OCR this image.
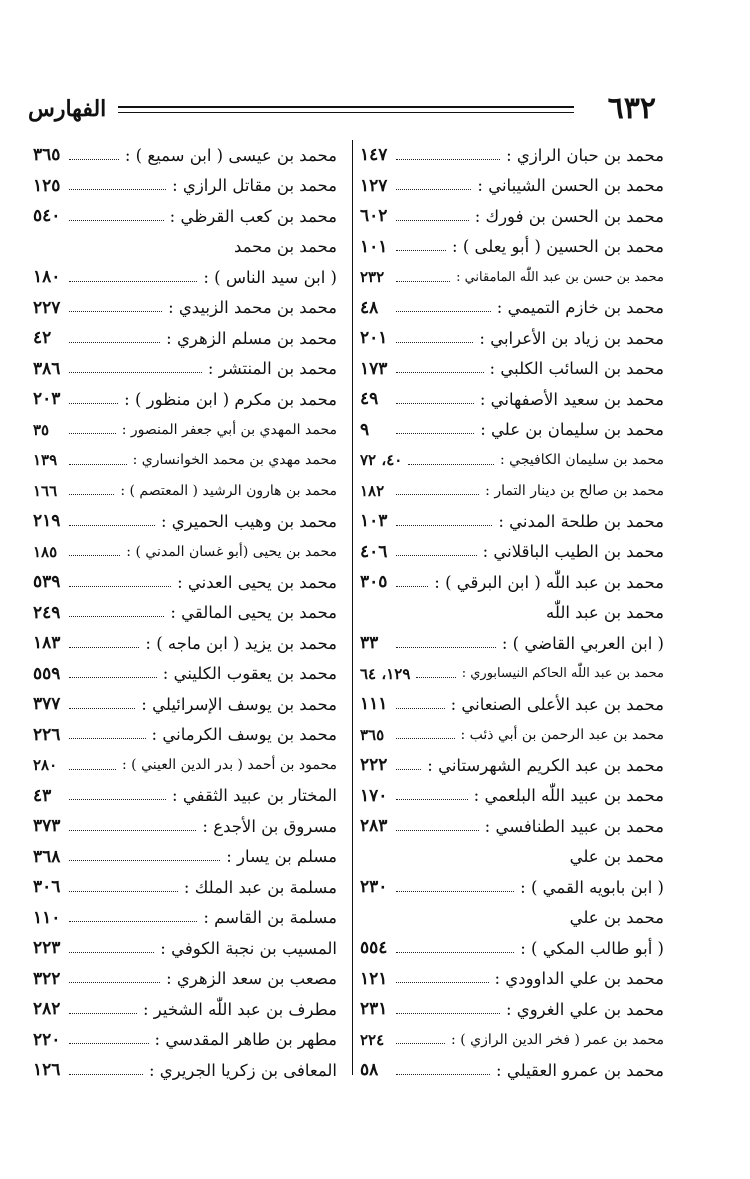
٦٣٢
الفهارس
محمد بن حبان الرازي :
١٤٧
محمد بن الحسن الشيباني :
١٢٧
محمد بن الحسن بن فورك :
٦٠٢
محمد بن الحسين ( أبو يعلى ) :
١٠١
محمد بن حسن بن عبد اللّٰه المامقاني :
٢٣٢
محمد بن خازم التميمي :
٤٨
محمد بن زياد بن الأعرابي :
٢٠١
محمد بن السائب الكلبي :
١٧٣
محمد بن سعيد الأصفهاني :
٤٩
محمد بن سليمان بن علي :
٩
محمد بن سليمان الكافيجي :
٤٠، ٧٢
محمد بن صالح بن دينار التمار :
١٨٢
محمد بن طلحة المدني :
١٠٣
محمد بن الطيب الباقلاني :
٤٠٦
محمد بن عبد اللّٰه ( ابن البرقي ) :
٣٠٥
محمد بن عبد اللّٰه
( ابن العربي القاضي ) :
٣٣
محمد بن عبد اللّٰه الحاكم النيسابوري :
١٢٩، ٦٤
محمد بن عبد الأعلى الصنعاني :
١١١
محمد بن عبد الرحمن بن أبي ذئب :
٣٦٥
محمد بن عبد الكريم الشهرستاني :
٢٢٢
محمد بن عبيد اللّٰه البلعمي :
١٧٠
محمد بن عبيد الطنافسي :
٢٨٣
محمد بن علي
( ابن بابويه القمي ) :
٢٣٠
محمد بن علي
( أبو طالب المكي ) :
٥٥٤
محمد بن علي الداوودي :
١٢١
محمد بن علي الغروي :
٢٣١
محمد بن عمر ( فخر الدين الرازي ) :
٢٢٤
محمد بن عمرو العقيلي :
٥٨
محمد بن عيسى ( ابن سميع ) :
٣٦٥
محمد بن مقاتل الرازي :
١٢٥
محمد بن كعب القرظي :
٥٤٠
محمد بن محمد
( ابن سيد الناس ) :
١٨٠
محمد بن محمد الزبيدي :
٢٢٧
محمد بن مسلم الزهري :
٤٢
محمد بن المنتشر :
٣٨٦
محمد بن مكرم ( ابن منظور ) :
٢٠٣
محمد المهدي بن أبي جعفر المنصور :
٣٥
محمد مهدي بن محمد الخوانساري :
١٣٩
محمد بن هارون الرشيد ( المعتصم ) :
١٦٦
محمد بن وهيب الحميري :
٢١٩
محمد بن يحيى (أبو غسان المدني ) :
١٨٥
محمد بن يحيى العدني :
٥٣٩
محمد بن يحيى المالقي :
٢٤٩
محمد بن يزيد ( ابن ماجه ) :
١٨٣
محمد بن يعقوب الكليني :
٥٥٩
محمد بن يوسف الإسرائيلي :
٣٧٧
محمد بن يوسف الكرماني :
٢٢٦
محمود بن أحمد ( بدر الدين العيني ) :
٢٨٠
المختار بن عبيد الثقفي :
٤٣
مسروق بن الأجدع :
٣٧٣
مسلم بن يسار :
٣٦٨
مسلمة بن عبد الملك :
٣٠٦
مسلمة بن القاسم :
١١٠
المسيب بن نجبة الكوفي :
٢٢٣
مصعب بن سعد الزهري :
٣٢٢
مطرف بن عبد اللّٰه الشخير :
٢٨٢
مطهر بن طاهر المقدسي :
٢٢٠
المعافى بن زكريا الجريري :
١٢٦
